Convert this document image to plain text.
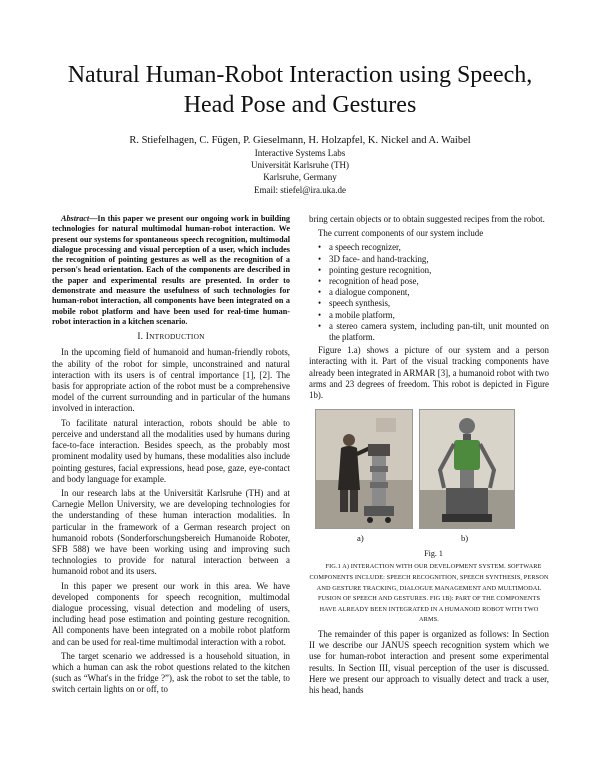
Natural Human-Robot Interaction using Speech,
Head Pose and Gestures
R. Stiefelhagen, C. Fügen, P. Gieselmann, H. Holzapfel, K. Nickel and A. Waibel
Interactive Systems Labs
Universität Karlsruhe (TH)
Karlsruhe, Germany
Email: stiefel@ira.uka.de

Abstract—In this paper we present our ongoing work in building technologies for natural multimodal human-robot interaction. We present our systems for spontaneous speech recognition, multimodal dialogue processing and visual perception of a user, which includes the recognition of pointing gestures as well as the recognition of a person's head orientation. Each of the components are described in the paper and experimental results are presented. In order to demonstrate and measure the usefulness of such technologies for human-robot interaction, all components have been integrated on a mobile robot platform and have been used for real-time human-robot interaction in a kitchen scenario.

I. INTRODUCTION

In the upcoming field of humanoid and human-friendly robots, the ability of the robot for simple, unconstrained and natural interaction with its users is of central importance [1], [2]. The basis for appropriate action of the robot must be a comprehensive model of the current surrounding and in particular of the humans involved in interaction.

To facilitate natural interaction, robots should be able to perceive and understand all the modalities used by humans during face-to-face interaction. Besides speech, as the probably most prominent modality used by humans, these modalities also include pointing gestures, facial expressions, head pose, gaze, eye-contact and body language for example.

In our research labs at the Universität Karlsruhe (TH) and at Carnegie Mellon University, we are developing technologies for the understanding of these human interaction modalities. In particular in the framework of a German research project on humanoid robots (Sonderforschungsbereich Humanoide Roboter, SFB 588) we have been working using and improving such technologies to provide for natural interaction between a humanoid robot and its users.

In this paper we present our work in this area. We have developed components for speech recognition, multimodal dialogue processing, visual detection and modeling of users, including head pose estimation and pointing gesture recognition. All components have been integrated on a mobile robot platform and can be used for real-time multimodal interaction with a robot.

The target scenario we addressed is a household situation, in which a human can ask the robot questions related to the kitchen (such as “What's in the fridge ?”), ask the robot to set the table, to switch certain lights on or off, to

bring certain objects or to obtain suggested recipes from the robot.

The current components of our system include

• a speech recognizer,
• 3D face- and hand-tracking,
• pointing gesture recognition,
• recognition of head pose,
• a dialogue component,
• speech synthesis,
• a mobile platform,
• a stereo camera system, including pan-tilt, unit mounted on the platform.

Figure 1.a) shows a picture of our system and a person interacting with it. Part of the visual tracking components have already been integrated in ARMAR [3], a humanoid robot with two arms and 23 degrees of freedom. This robot is depicted in Figure 1b).

a)	b)

Fig. 1

FIG.1 A) INTERACTION WITH OUR DEVELOPMENT SYSTEM. SOFTWARE COMPONENTS INCLUDE: SPEECH RECOGNITION, SPEECH SYNTHESIS, PERSON AND GESTURE TRACKING, DIALOGUE MANAGEMENT AND MULTIMODAL FUSION OF SPEECH AND GESTURES. FIG 1B): PART OF THE COMPONENTS HAVE ALREADY BEEN INTEGRATED IN A HUMANOID ROBOT WITH TWO ARMS.

The remainder of this paper is organized as follows: In Section II we describe our JANUS speech recognition system which we use for human-robot interaction and present some experimental results. In Section III, visual perception of the user is discussed. Here we present our approach to visually detect and track a user, his head, hands
